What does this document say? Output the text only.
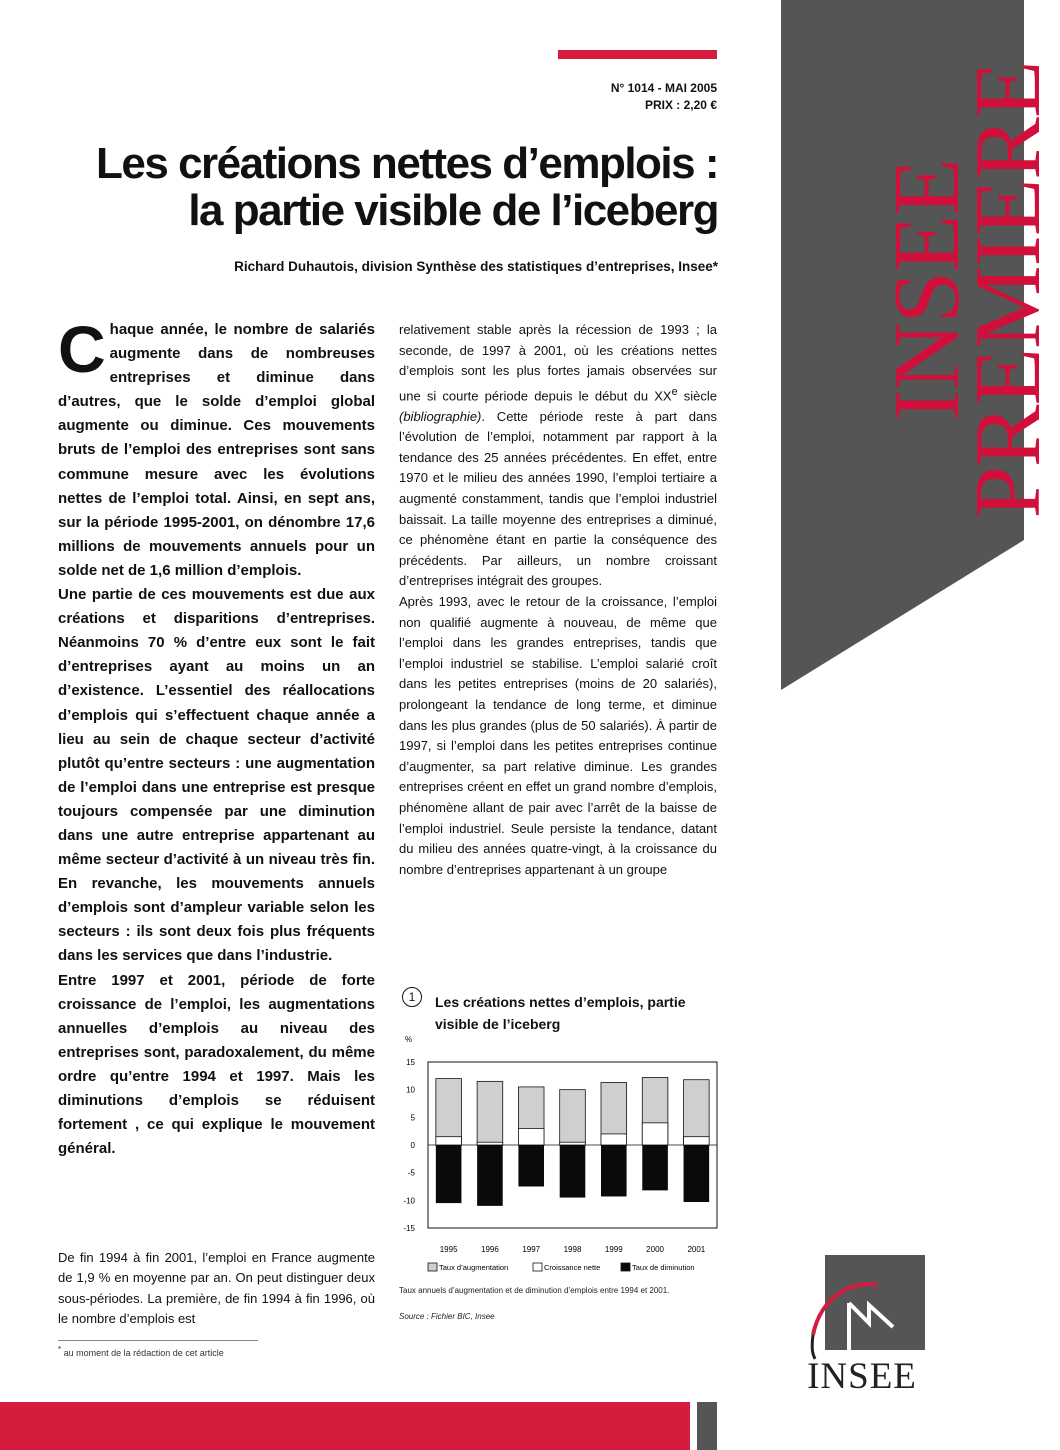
INSEE
PREMIERE
N° 1014 - MAI 2005
PRIX : 2,20 €
Les créations nettes d’emplois :
la partie visible de l’iceberg
Richard Duhautois, division Synthèse des statistiques d’entreprises, Insee*

Chaque année, le nombre de salariés augmente dans de nombreuses entreprises et diminue dans d’autres, que le solde d’emploi global augmente ou diminue. Ces mouvements bruts de l’emploi des entreprises sont sans commune mesure avec les évolutions nettes de l’emploi total. Ainsi, en sept ans, sur la période 1995-2001, on dénombre 17,6 millions de mouvements annuels pour un solde net de 1,6 million d’emplois.

Une partie de ces mouvements est due aux créations et disparitions d’entreprises. Néanmoins 70 % d’entre eux sont le fait d’entreprises ayant au moins un an d’existence. L’essentiel des réallocations d’emplois qui s’effectuent chaque année a lieu au sein de chaque secteur d’activité plutôt qu’entre secteurs : une augmentation de l’emploi dans une entreprise est presque toujours compensée par une diminution dans une autre entreprise appartenant au même secteur d’activité à un niveau très fin. En revanche, les mouvements annuels d’emplois sont d’ampleur variable selon les secteurs : ils sont deux fois plus fréquents dans les services que dans l’industrie.

Entre 1997 et 2001, période de forte croissance de l’emploi, les augmentations annuelles d’emplois au niveau des entreprises sont, paradoxalement, du même ordre qu’entre 1994 et 1997. Mais les diminutions d’emplois se réduisent fortement , ce qui explique le mouvement général.

De fin 1994 à fin 2001, l’emploi en France augmente de 1,9 % en moyenne par an. On peut distinguer deux sous-périodes. La première, de fin 1994 à fin 1996, où le nombre d’emplois est

* au moment de la rédaction de cet article

relativement stable après la récession de 1993 ; la seconde, de 1997 à 2001, où les créations nettes d’emplois sont les plus fortes jamais observées sur une si courte période depuis le début du XXe siècle (bibliographie). Cette période reste à part dans l’évolution de l’emploi, notamment par rapport à la tendance des 25 années précédentes. En effet, entre 1970 et le milieu des années 1990, l’emploi tertiaire a augmenté constamment, tandis que l’emploi industriel baissait. La taille moyenne des entreprises a diminué, ce phénomène étant en partie la conséquence des précédents. Par ailleurs, un nombre croissant d’entreprises intégrait des groupes.

Après 1993, avec le retour de la croissance, l’emploi non qualifié augmente à nouveau, de même que l’emploi dans les grandes entreprises, tandis que l’emploi industriel se stabilise. L’emploi salarié croît dans les petites entreprises (moins de 20 salariés), prolongeant la tendance de long terme, et diminue dans les plus grandes (plus de 50 salariés). À partir de 1997, si l’emploi dans les petites entreprises continue d’augmenter, sa part relative diminue. Les grandes entreprises créent en effet un grand nombre d’emplois, phénomène allant de pair avec l’arrêt de la baisse de l’emploi industriel. Seule persiste la tendance, datant du milieu des années quatre-vingt, à la croissance du nombre d’entreprises appartenant à un groupe

1	Les créations nettes d’emplois, partie visible de l’iceberg
%
15
10
5
0
-5
-10
-15
1995	1996	1997	1998	1999	2000	2001
Taux d’augmentation	Croissance nette	Taux de diminution
Taux annuels d’augmentation et de diminution d’emplois entre 1994 et 2001.
Source : Fichier BIC, Insee
INSEE
